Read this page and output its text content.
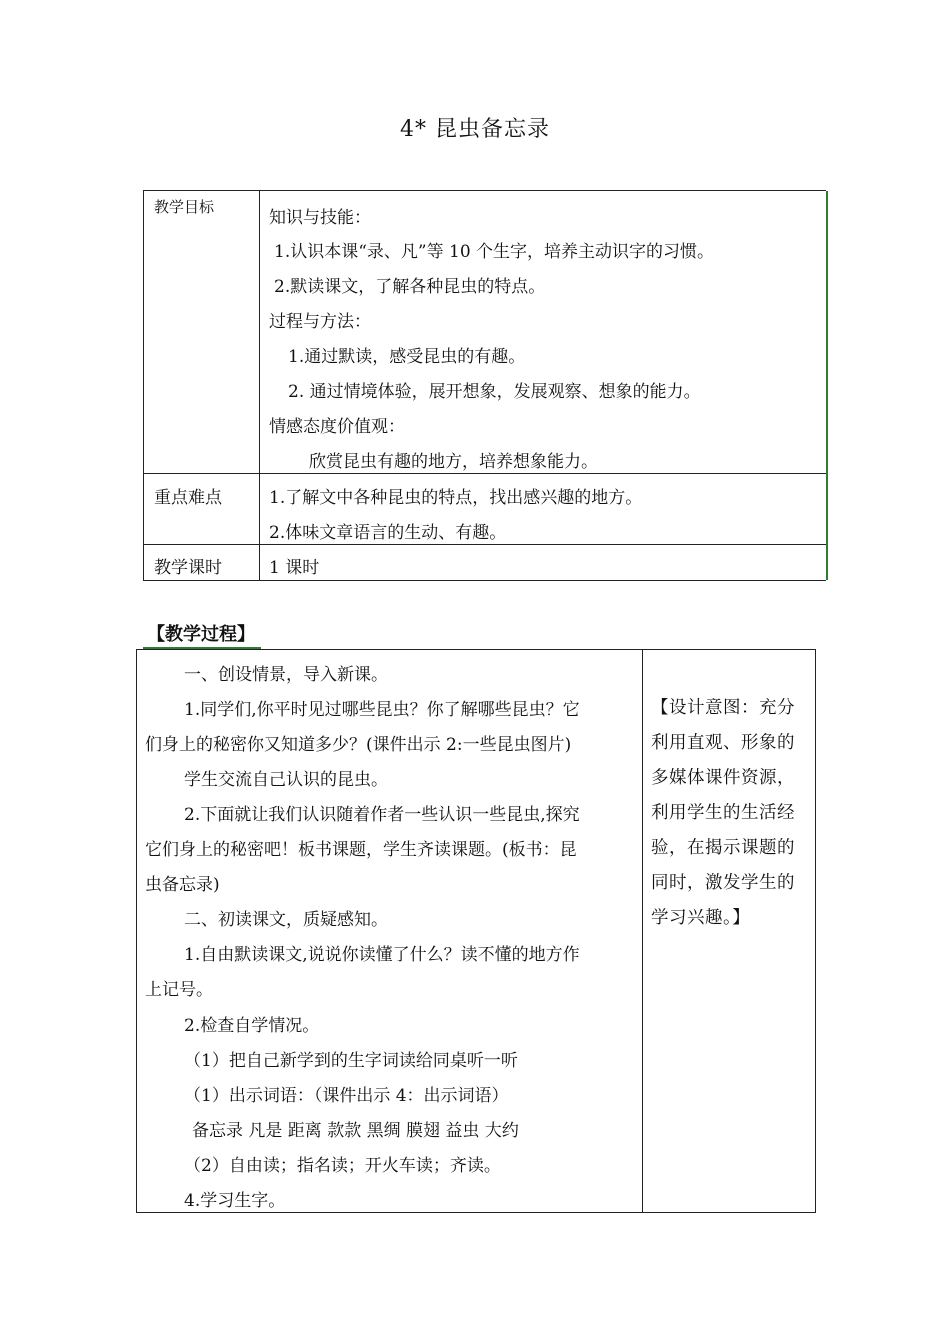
4* 昆虫备忘录
教学目标
知识与技能：
1.认识本课“录、凡”等 10 个生字，培养主动识字的习惯。
2.默读课文，了解各种昆虫的特点。
过程与方法：
1.通过默读，感受昆虫的有趣。
2. 通过情境体验，展开想象，发展观察、想象的能力。
情感态度价值观：
欣赏昆虫有趣的地方，培养想象能力。
重点难点	1.了解文中各种昆虫的特点，找出感兴趣的地方。
2.体味文章语言的生动、有趣。
教学课时	1 课时
【教学过程】
一、创设情景，导入新课。
1.同学们,你平时见过哪些昆虫？你了解哪些昆虫？它
们身上的秘密你又知道多少？(课件出示 2:一些昆虫图片)
学生交流自己认识的昆虫。
2.下面就让我们认识随着作者一些认识一些昆虫,探究
它们身上的秘密吧！板书课题，学生齐读课题。(板书：昆
虫备忘录)
二、初读课文，质疑感知。
1.自由默读课文,说说你读懂了什么？读不懂的地方作
上记号。
2.检查自学情况。
（1）把自己新学到的生字词读给同桌听一听
（1）出示词语：（课件出示 4：出示词语）
备忘录 凡是 距离 款款 黑绸 膜翅 益虫 大约
（2）自由读；指名读；开火车读；齐读。
4.学习生字。
【设计意图：充分
利用直观、形象的
多媒体课件资源，
利用学生的生活经
验，在揭示课题的
同时，激发学生的
学习兴趣。】
